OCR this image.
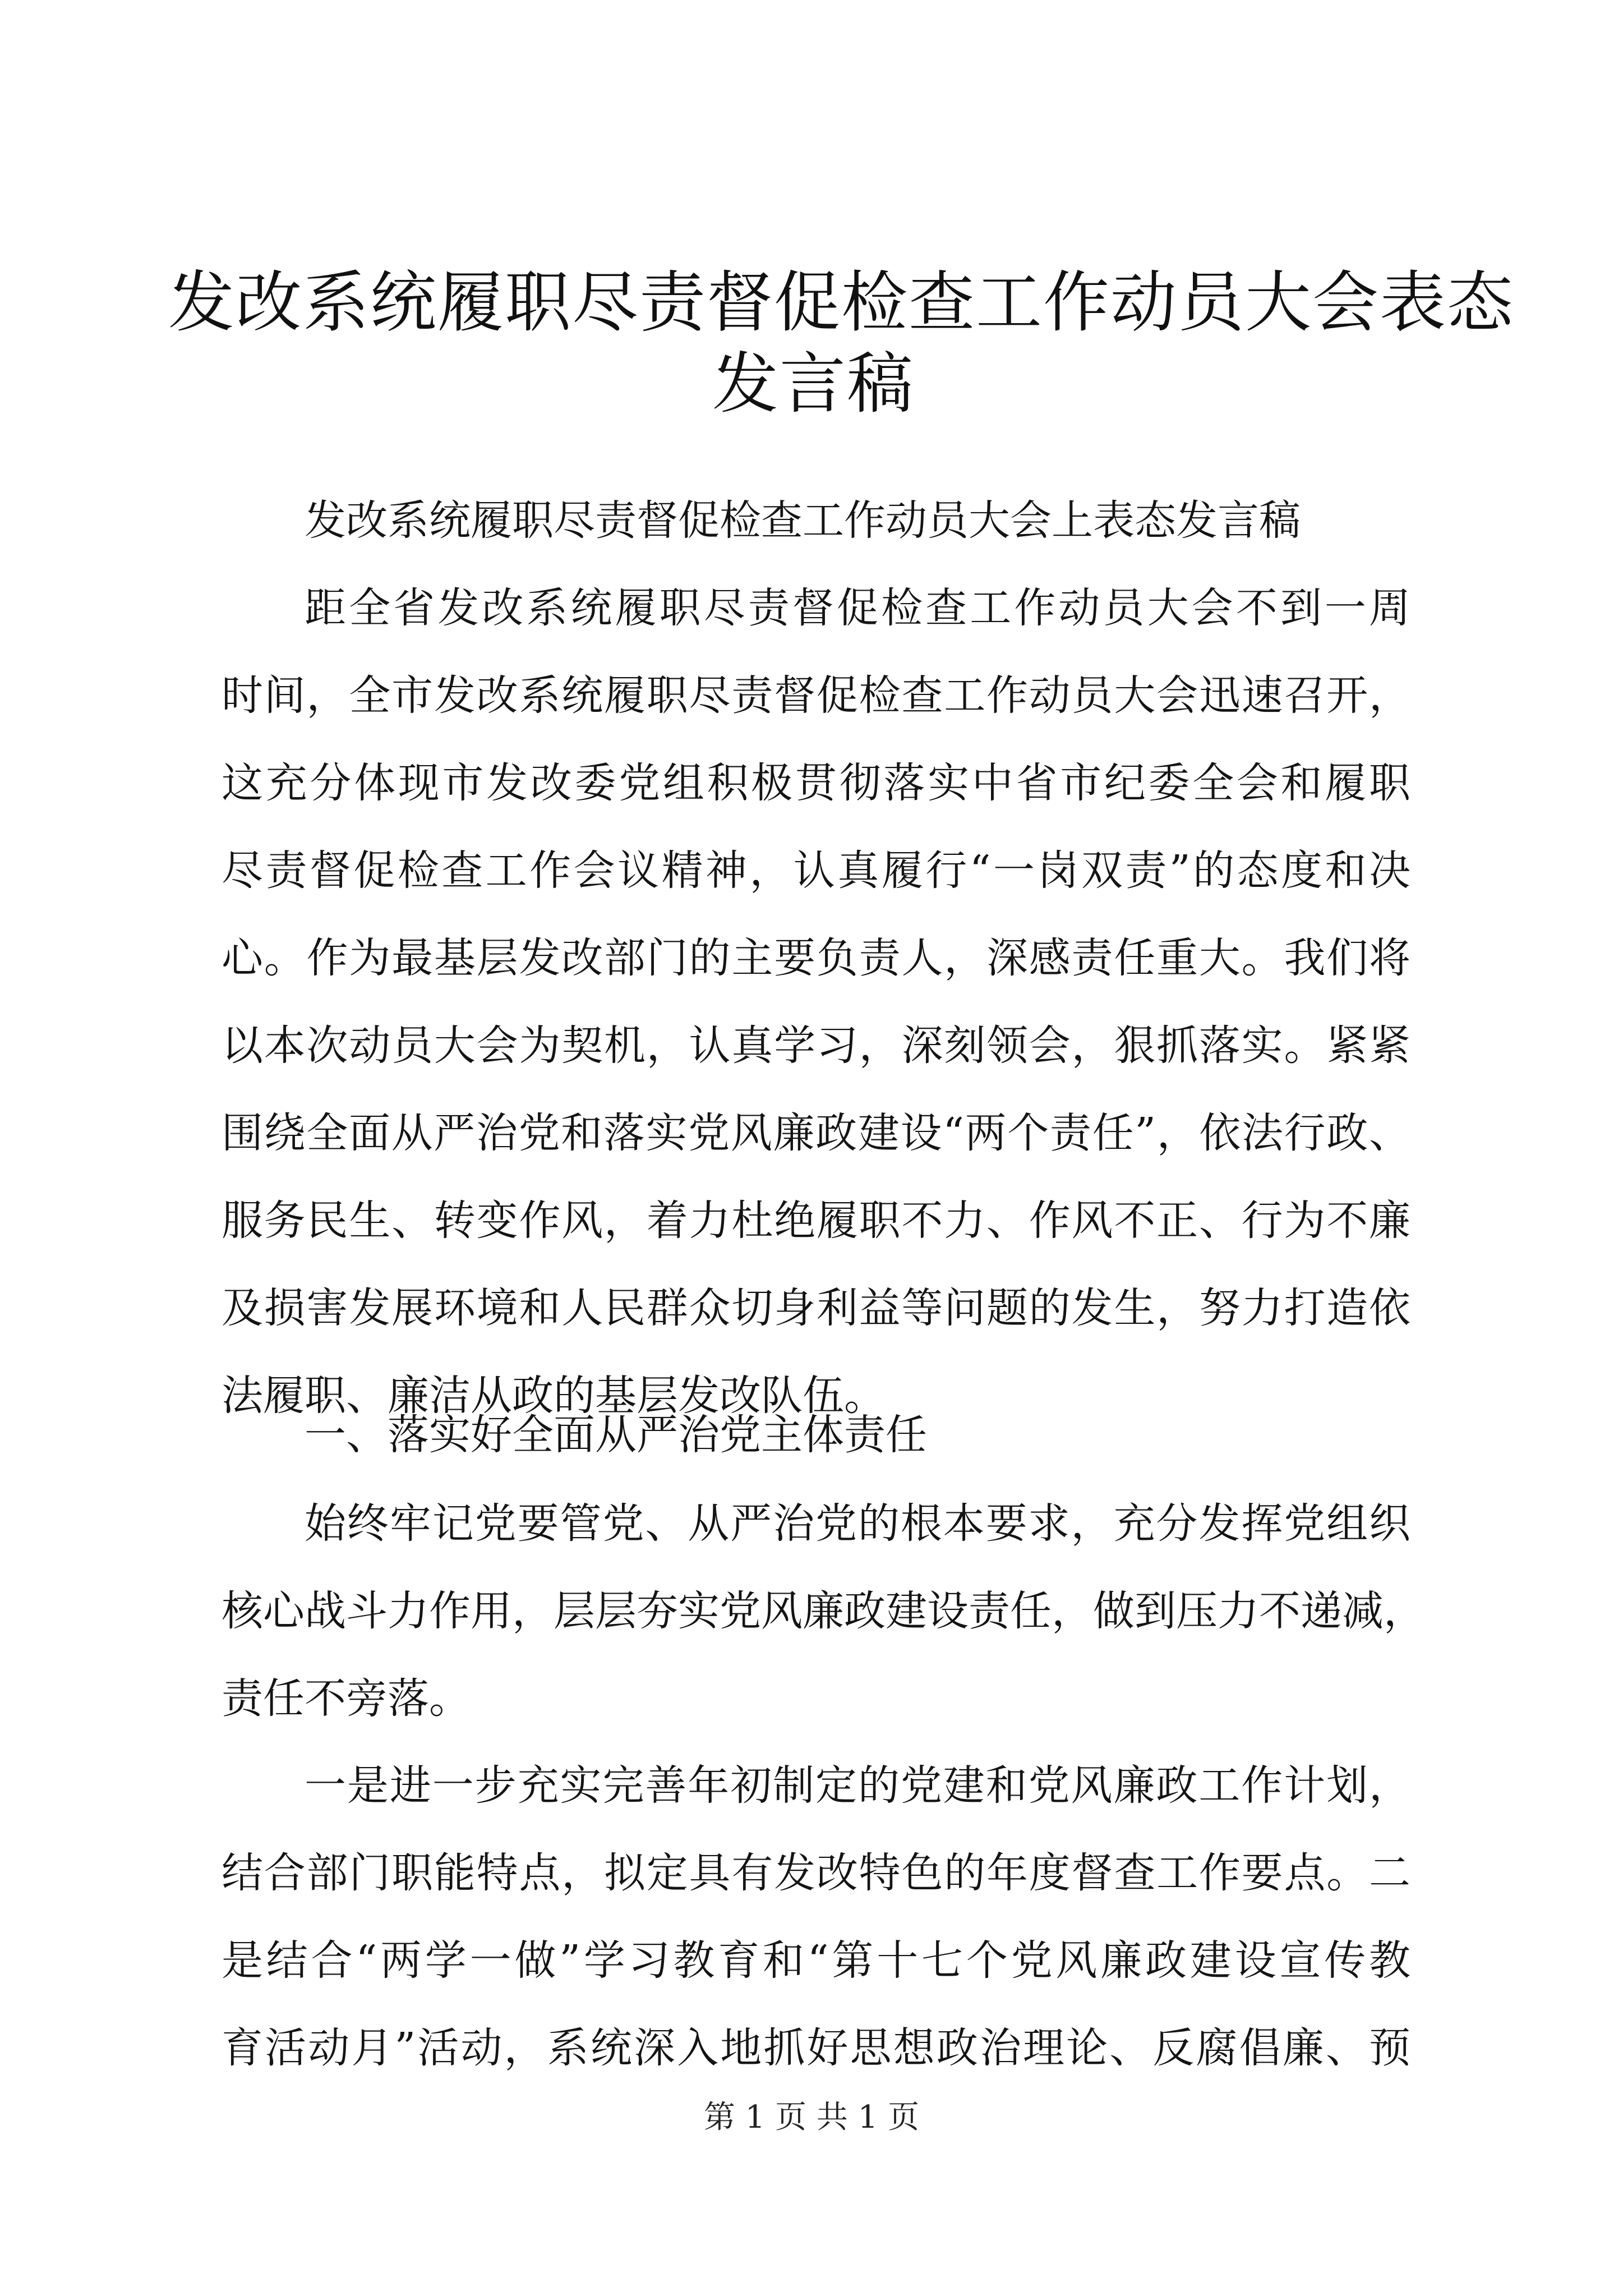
发改系统履职尽责督促检查工作动员大会表态
发言稿
发改系统履职尽责督促检查工作动员大会上表态发言稿
距全省发改系统履职尽责督促检查工作动员大会不到一周
时间，全市发改系统履职尽责督促检查工作动员大会迅速召开，
这充分体现市发改委党组积极贯彻落实中省市纪委全会和履职
尽责督促检查工作会议精神，认真履行“一岗双责”的态度和决
心。作为最基层发改部门的主要负责人，深感责任重大。我们将
以本次动员大会为契机，认真学习，深刻领会，狠抓落实。紧紧
围绕全面从严治党和落实党风廉政建设“两个责任”，依法行政、
服务民生、转变作风，着力杜绝履职不力、作风不正、行为不廉
及损害发展环境和人民群众切身利益等问题的发生，努力打造依
法履职、廉洁从政的基层发改队伍。
一、落实好全面从严治党主体责任
始终牢记党要管党、从严治党的根本要求，充分发挥党组织
核心战斗力作用，层层夯实党风廉政建设责任，做到压力不递减，
责任不旁落。
一是进一步充实完善年初制定的党建和党风廉政工作计划，
结合部门职能特点，拟定具有发改特色的年度督查工作要点。二
是结合“两学一做”学习教育和“第十七个党风廉政建设宣传教
育活动月”活动，系统深入地抓好思想政治理论、反腐倡廉、预
第 1 页 共 1 页
